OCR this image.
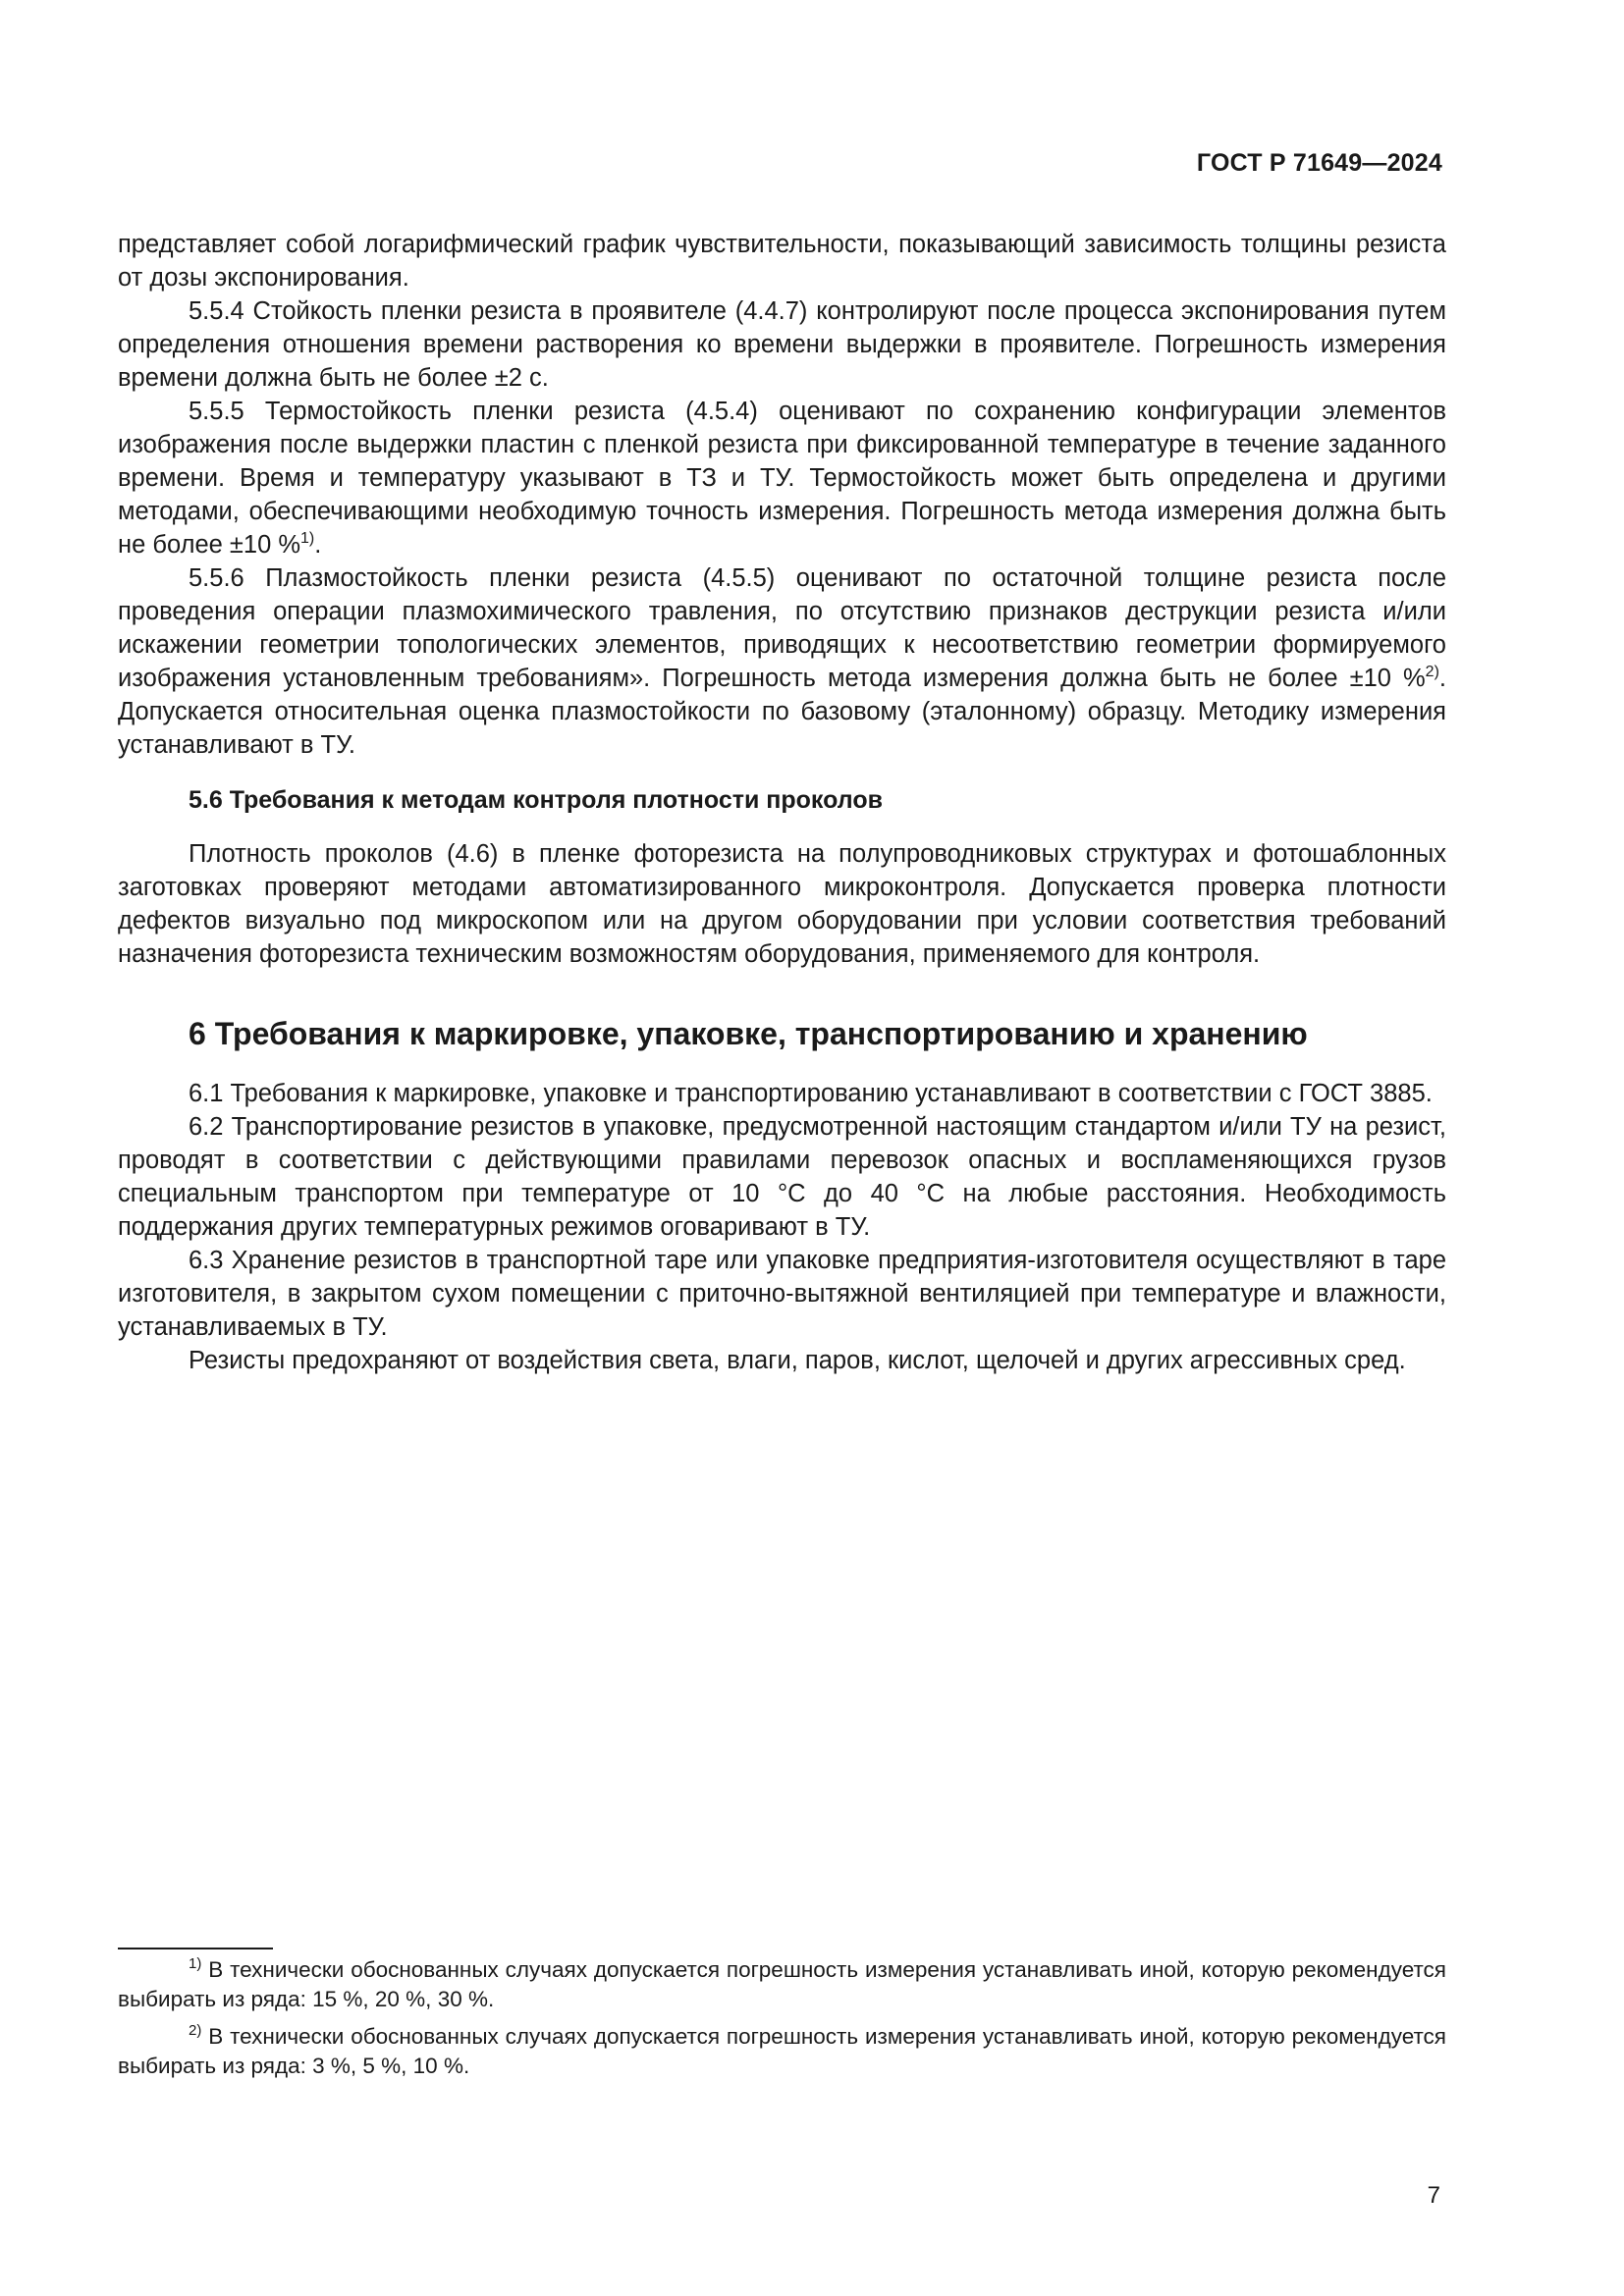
ГОСТ Р 71649—2024

представляет собой логарифмический график чувствительности, показывающий зависимость толщины резиста от дозы экспонирования.

5.5.4 Стойкость пленки резиста в проявителе (4.4.7) контролируют после процесса экспонирования путем определения отношения времени растворения ко времени выдержки в проявителе. Погрешность измерения времени должна быть не более ±2 с.

5.5.5 Термостойкость пленки резиста (4.5.4) оценивают по сохранению конфигурации элементов изображения после выдержки пластин с пленкой резиста при фиксированной температуре в течение заданного времени. Время и температуру указывают в ТЗ и ТУ. Термостойкость может быть определена и другими методами, обеспечивающими необходимую точность измерения. Погрешность метода измерения должна быть не более ±10 %$^{1)}$.

5.5.6 Плазмостойкость пленки резиста (4.5.5) оценивают по остаточной толщине резиста после проведения операции плазмохимического травления, по отсутствию признаков деструкции резиста и/или искажении геометрии топологических элементов, приводящих к несоответствию геометрии формируемого изображения установленным требованиям». Погрешность метода измерения должна быть не более ±10 %$^{2)}$. Допускается относительная оценка плазмостойкости по базовому (эталонному) образцу. Методику измерения устанавливают в ТУ.

5.6 Требования к методам контроля плотности проколов

Плотность проколов (4.6) в пленке фоторезиста на полупроводниковых структурах и фотошаблонных заготовках проверяют методами автоматизированного микроконтроля. Допускается проверка плотности дефектов визуально под микроскопом или на другом оборудовании при условии соответствия требований назначения фоторезиста техническим возможностям оборудования, применяемого для контроля.

6 Требования к маркировке, упаковке, транспортированию и хранению

6.1 Требования к маркировке, упаковке и транспортированию устанавливают в соответствии с ГОСТ 3885.

6.2 Транспортирование резистов в упаковке, предусмотренной настоящим стандартом и/или ТУ на резист, проводят в соответствии с действующими правилами перевозок опасных и воспламеняющихся грузов специальным транспортом при температуре от 10 °С до 40 °С на любые расстояния. Необходимость поддержания других температурных режимов оговаривают в ТУ.

6.3 Хранение резистов в транспортной таре или упаковке предприятия-изготовителя осуществляют в таре изготовителя, в закрытом сухом помещении с приточно-вытяжной вентиляцией при температуре и влажности, устанавливаемых в ТУ.

Резисты предохраняют от воздействия света, влаги, паров, кислот, щелочей и других агрессивных сред.

$^{1)}$ В технически обоснованных случаях допускается погрешность измерения устанавливать иной, которую рекомендуется выбирать из ряда: 15 %, 20 %, 30 %.

$^{2)}$ В технически обоснованных случаях допускается погрешность измерения устанавливать иной, которую рекомендуется выбирать из ряда: 3 %, 5 %, 10 %.

7
